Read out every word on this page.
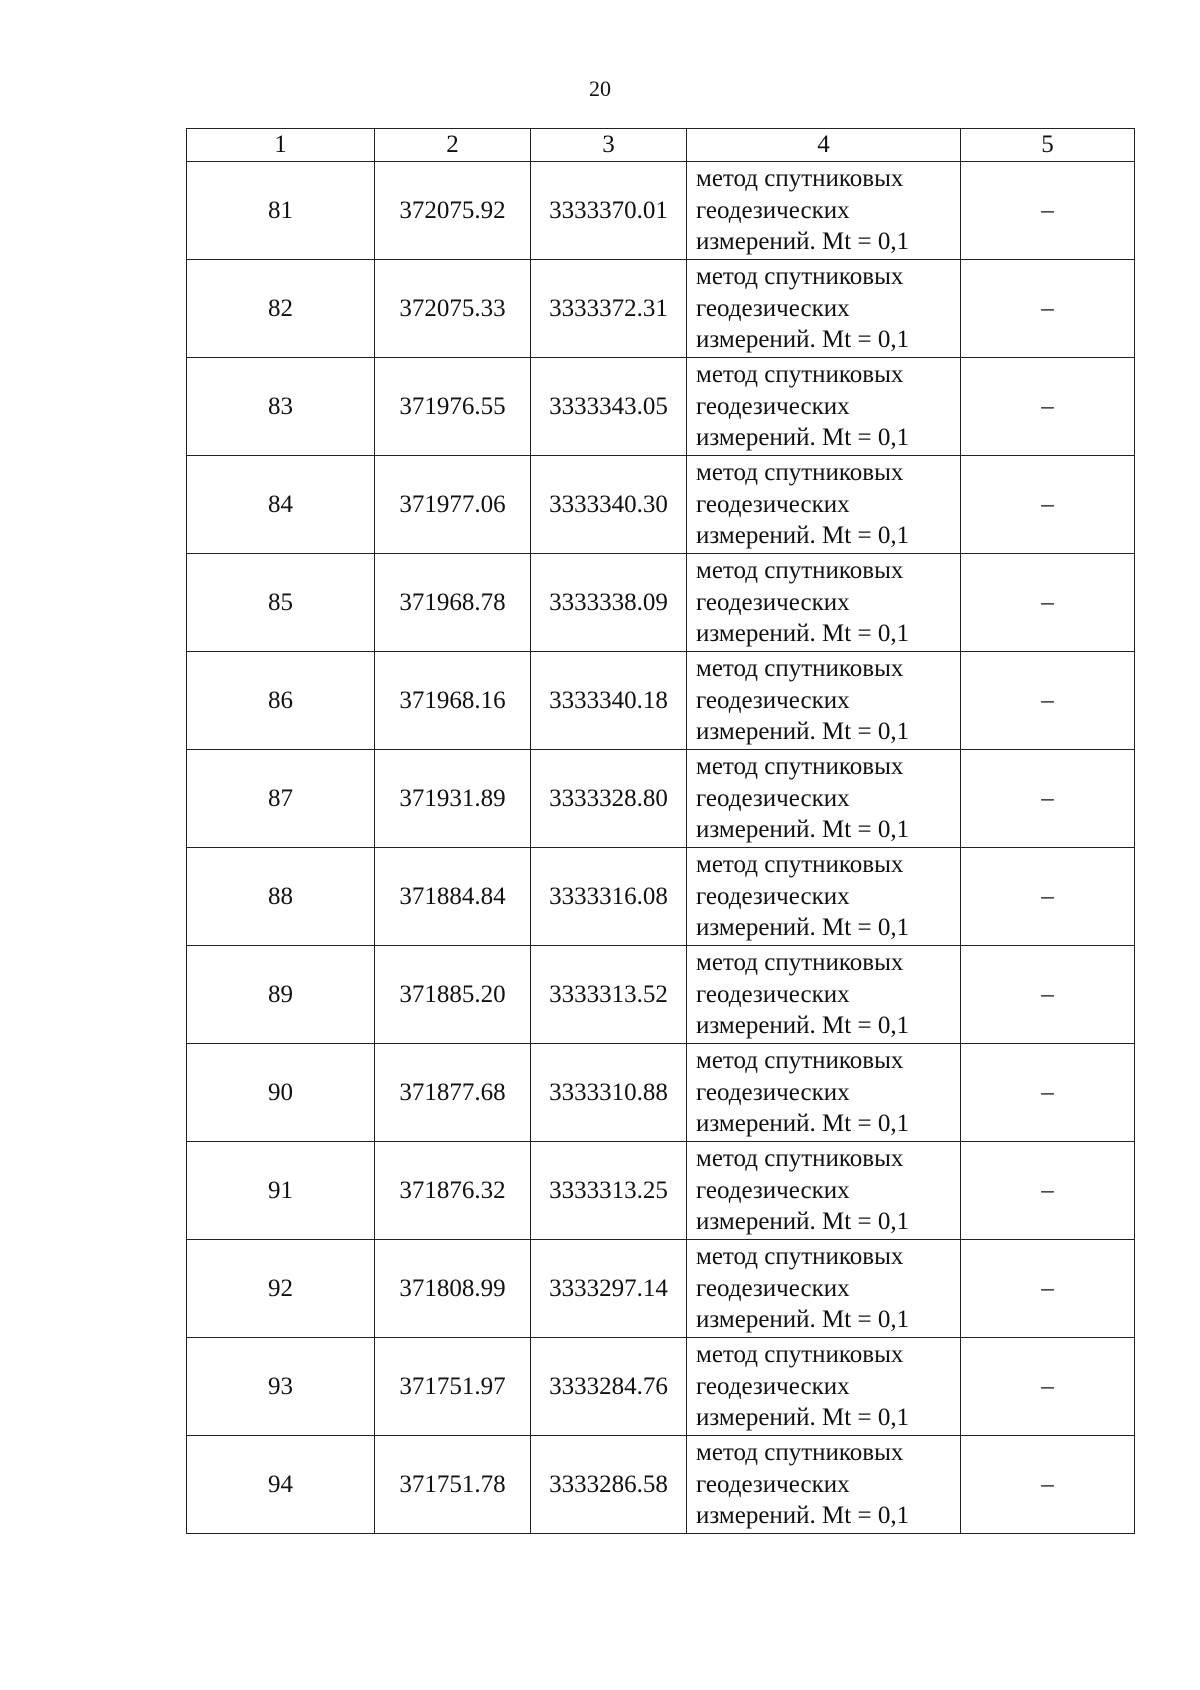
20
1	2	3	4	5
81	372075.92	3333370.01	метод спутниковых
геодезических
измерений. Mt = 0,1	–
82	372075.33	3333372.31	метод спутниковых
геодезических
измерений. Mt = 0,1	–
83	371976.55	3333343.05	метод спутниковых
геодезических
измерений. Mt = 0,1	–
84	371977.06	3333340.30	метод спутниковых
геодезических
измерений. Mt = 0,1	–
85	371968.78	3333338.09	метод спутниковых
геодезических
измерений. Mt = 0,1	–
86	371968.16	3333340.18	метод спутниковых
геодезических
измерений. Mt = 0,1	–
87	371931.89	3333328.80	метод спутниковых
геодезических
измерений. Mt = 0,1	–
88	371884.84	3333316.08	метод спутниковых
геодезических
измерений. Mt = 0,1	–
89	371885.20	3333313.52	метод спутниковых
геодезических
измерений. Mt = 0,1	–
90	371877.68	3333310.88	метод спутниковых
геодезических
измерений. Mt = 0,1	–
91	371876.32	3333313.25	метод спутниковых
геодезических
измерений. Mt = 0,1	–
92	371808.99	3333297.14	метод спутниковых
геодезических
измерений. Mt = 0,1	–
93	371751.97	3333284.76	метод спутниковых
геодезических
измерений. Mt = 0,1	–
94	371751.78	3333286.58	метод спутниковых
геодезических
измерений. Mt = 0,1	–
